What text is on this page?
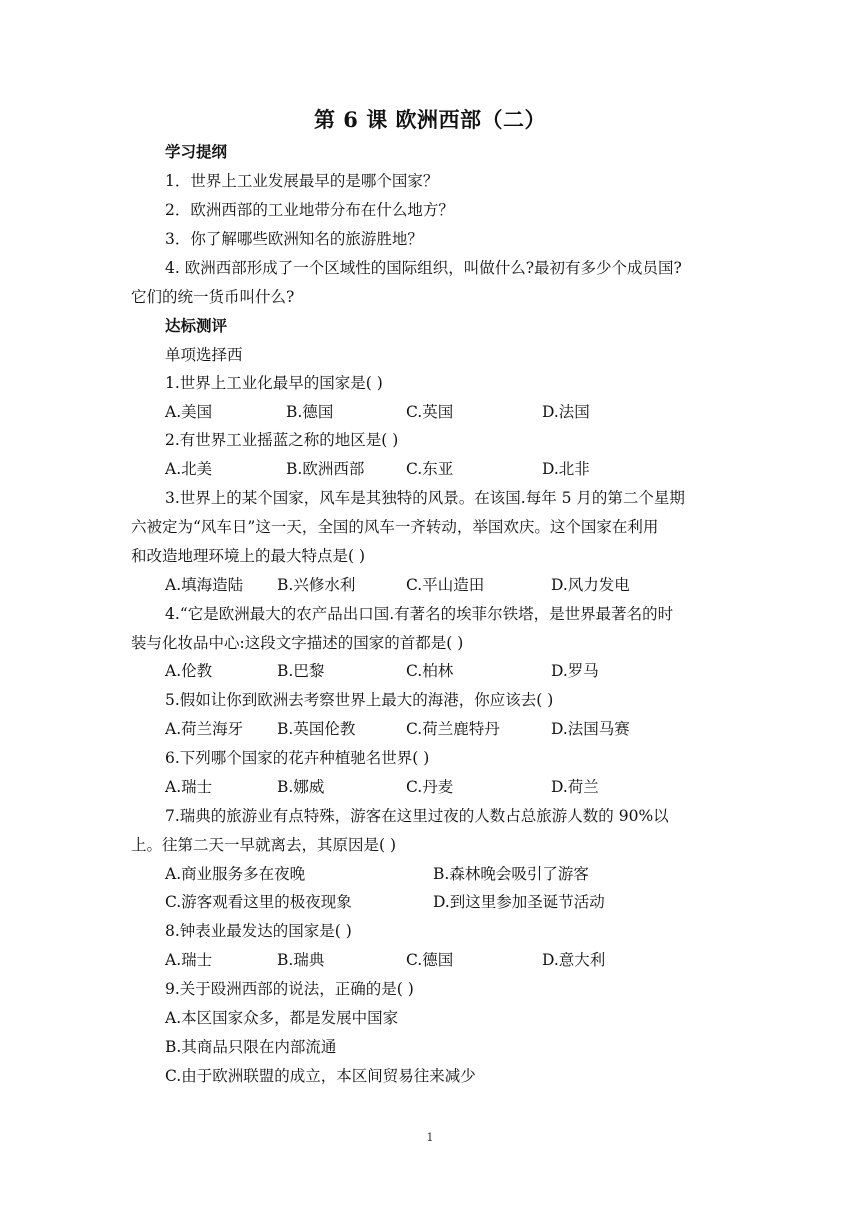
第 6 课 欧洲西部（二）
学习提纲
1．世界上工业发展最早的是哪个国家？
2．欧洲西部的工业地带分布在什么地方？
3．你了解哪些欧洲知名的旅游胜地？
4. 欧洲西部形成了一个区域性的国际组织，叫做什么?最初有多少个成员国?
它们的统一货币叫什么?
达标测评
单项选择西
1.世界上工业化最早的国家是( )
A.美国	B.德国	C.英国	D.法国
2.有世界工业摇蓝之称的地区是( )
A.北美	B.欧洲西部	C.东亚	D.北非
3.世界上的某个国家，风车是其独特的风景。在该国.每年 5 月的第二个星期
六被定为“风车日”这一天，全国的风车一齐转动，举国欢庆。这个国家在利用
和改造地理环境上的最大特点是( )
A.填海造陆 B.兴修水利	C.平山造田	D.风力发电
4.“它是欧洲最大的农产品出口国.有著名的埃菲尔铁塔，是世界最著名的时
装与化妆品中心:这段文字描述的国家的首都是( )
A.伦教	B.巴黎	C.柏林	D.罗马
5.假如让你到欧洲去考察世界上最大的海港，你应该去( )
A.荷兰海牙 B.英国伦教	C.荷兰鹿特丹	D.法国马赛
6.下列哪个国家的花卉种植驰名世界( )
A.瑞士	B.娜威	C.丹麦	D.荷兰
7.瑞典的旅游业有点特殊，游客在这里过夜的人数占总旅游人数的 90%以
上。往第二天一早就离去，其原因是( )
A.商业服务多在夜晚	B.森林晚会吸引了游客
C.游客观看这里的极夜现象	D.到这里参加圣诞节活动
8.钟表业最发达的国家是( )
A.瑞士	B.瑞典	C.德国	D.意大利
9.关于殴洲西部的说法，正确的是( )
A.本区国家众多，都是发展中国家
B.其商品只限在内部流通
C.由于欧洲联盟的成立，本区间贸易往来减少
1
